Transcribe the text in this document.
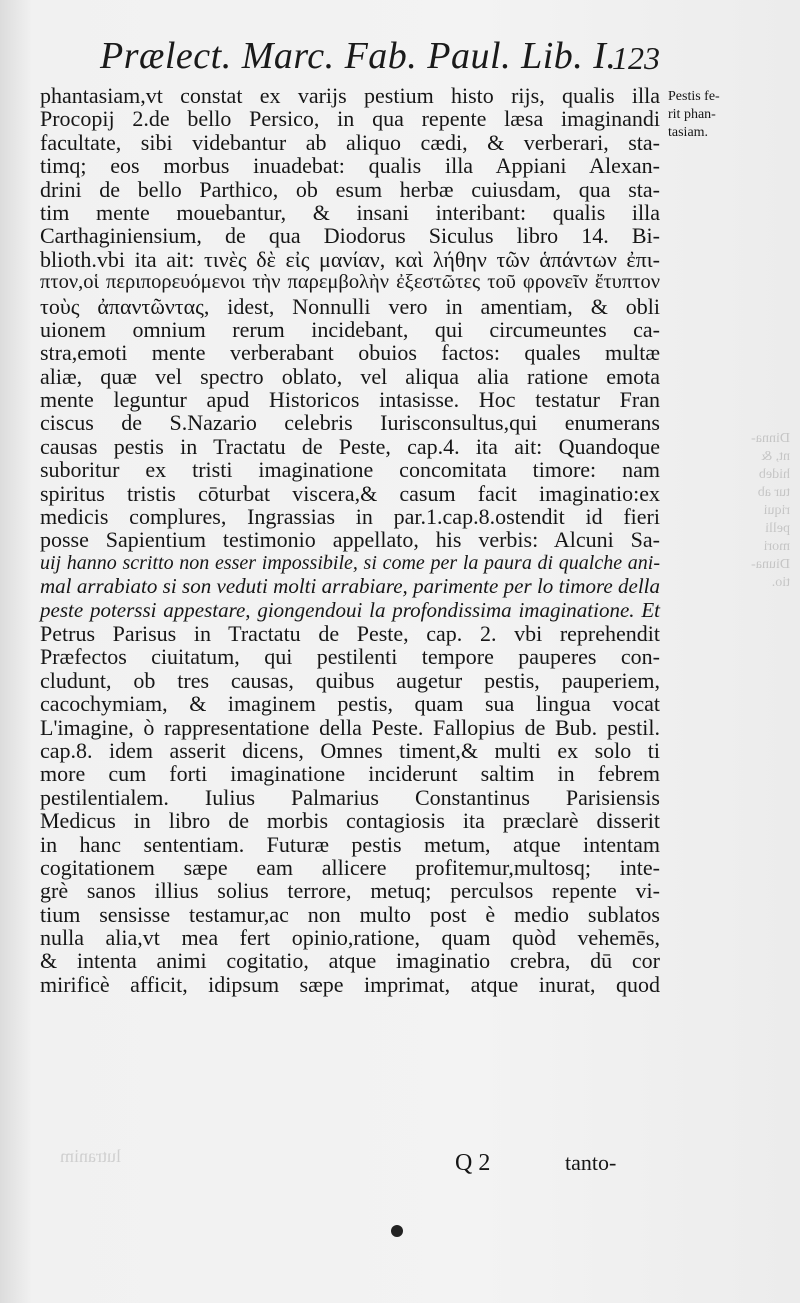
Prælect. Marc. Fab. Paul. Lib. I.
123
phantasiam,vt constat ex varijs pestium histo rijs, qualis illa
Procopij 2.de bello Persico, in qua repente læsa imaginandi
facultate, sibi videbantur ab aliquo cædi, & verberari, sta-
timq; eos morbus inuadebat: qualis illa Appiani Alexan-
drini de bello Parthico, ob esum herbæ cuiusdam, qua sta-
tim mente mouebantur, & insani interibant: qualis illa
Carthaginiensium, de qua Diodorus Siculus libro 14. Bi-
blioth.vbi ita ait: τινὲς δὲ εἰς μανίαν, καὶ λήθην τῶν ἁπάντων ἐπι-
πτον,οἱ περιπορευόμενοι τὴν παρεμβολὴν ἐξεστῶτες τοῦ φρονεῖν ἔτυπτον
τοὺς ἀπαντῶντας, idest, Nonnulli vero in amentiam, & obli
uionem omnium rerum incidebant, qui circumeuntes ca-
stra,emoti mente verberabant obuios factos: quales multæ
aliæ, quæ vel spectro oblato, vel aliqua alia ratione emota
mente leguntur apud Historicos intasisse. Hoc testatur Fran
ciscus de S.Nazario celebris Iurisconsultus,qui enumerans
causas pestis in Tractatu de Peste, cap.4. ita ait: Quandoque
suboritur ex tristi imaginatione concomitata timore: nam
spiritus tristis cōturbat viscera,& casum facit imaginatio:ex
medicis complures, Ingrassias in par.1.cap.8.ostendit id fieri
posse Sapientium testimonio appellato, his verbis: Alcuni Sa-
uij hanno scritto non esser impossibile, si come per la paura di qualche ani-
mal arrabiato si son veduti molti arrabiare, parimente per lo timore della
peste poterssi appestare, giongendoui la profondissima imaginatione. Et
Petrus Parisus in Tractatu de Peste, cap. 2. vbi reprehendit
Præfectos ciuitatum, qui pestilenti tempore pauperes con-
cludunt, ob tres causas, quibus augetur pestis, pauperiem,
cacochymiam, & imaginem pestis, quam sua lingua vocat
L'imagine, ò rappresentatione della Peste. Fallopius de Bub. pestil.
cap.8. idem asserit dicens, Omnes timent,& multi ex solo ti
more cum forti imaginatione inciderunt saltim in febrem
pestilentialem. Iulius Palmarius Constantinus Parisiensis
Medicus in libro de morbis contagiosis ita præclarè disserit
in hanc sententiam. Futuræ pestis metum, atque intentam
cogitationem sæpe eam allicere profitemur,multosq; inte-
grè sanos illius solius terrore, metuq; perculsos repente vi-
tium sensisse testamur,ac non multo post è medio sublatos
nulla alia,vt mea fert opinio,ratione, quam quòd vehemēs,
& intenta animi cogitatio, atque imaginatio crebra, dū cor
mirificè afficit, idipsum sæpe imprimat, atque inurat, quod
Pestis fe-
rit phan-
tasiam.
Dinna-
nt, &
hideb
tur ab
riqui
pelli
mori
Diuna-
tio.
lutranim	Q 2	tanto-
